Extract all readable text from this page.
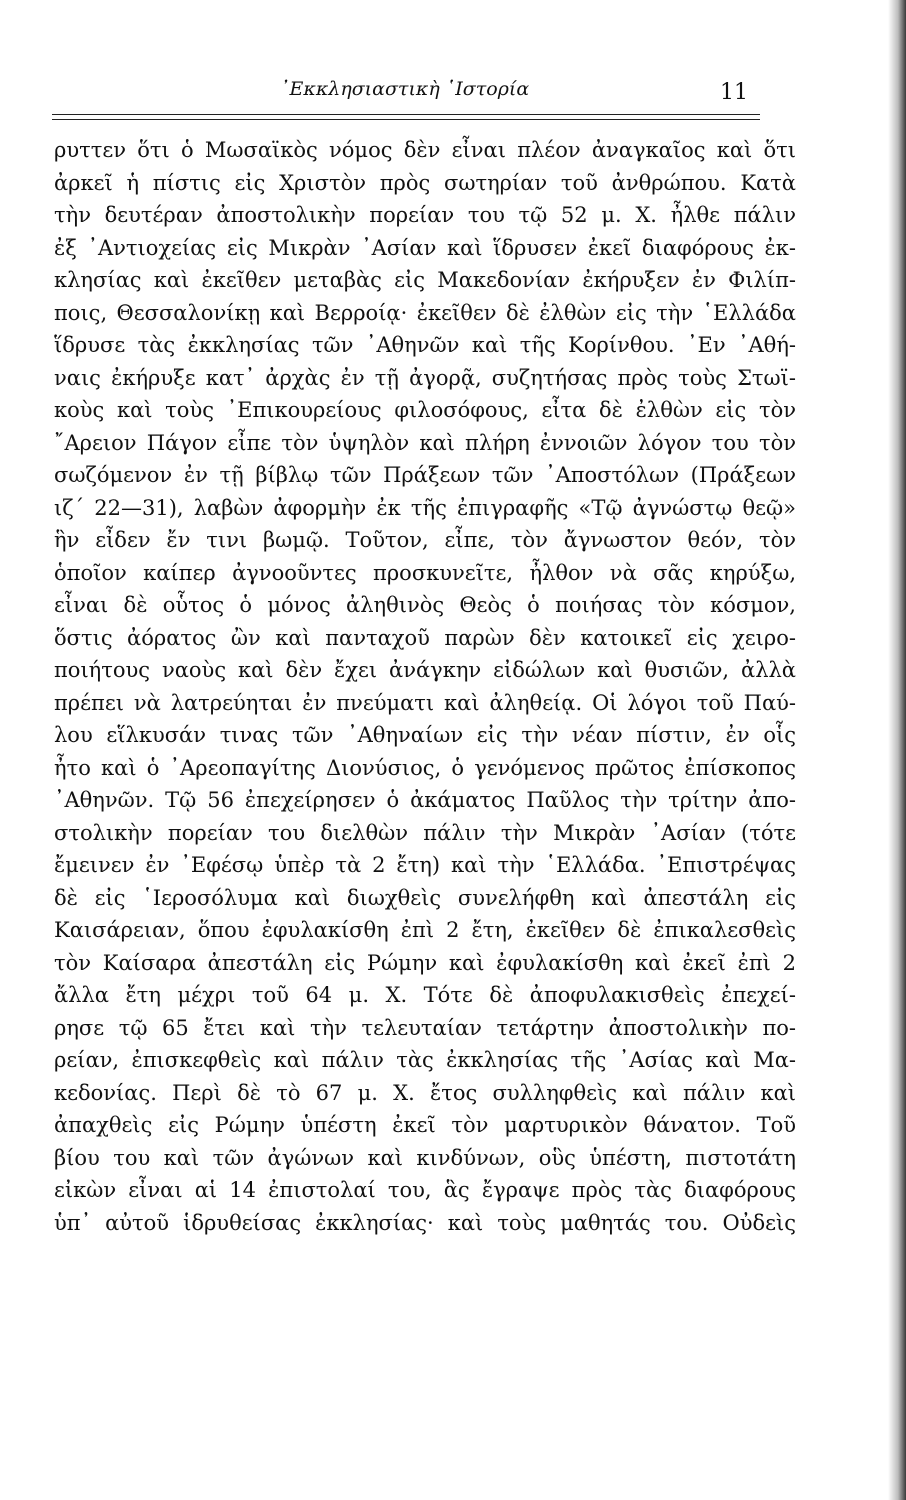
᾿Εκκλησιαστικὴ ῾Ιστορία	11
ρυττεν ὅτι ὁ Μωσαϊκὸς νόμος δὲν εἶναι πλέον ἀναγκαῖος καὶ ὅτι
ἀρκεῖ ἡ πίστις εἰς Χριστὸν πρὸς σωτηρίαν τοῦ ἀνθρώπου. Κατὰ
τὴν δευτέραν ἀποστολικὴν πορείαν του τῷ 52 μ. Χ. ἦλθε πάλιν
ἐξ ᾿Αντιοχείας εἰς Μικρὰν ᾿Ασίαν καὶ ἵδρυσεν ἐκεῖ διαφόρους ἐκ-
κλησίας καὶ ἐκεῖθεν μεταβὰς εἰς Μακεδονίαν ἐκήρυξεν ἐν Φιλίπ-
ποις, Θεσσαλονίκῃ καὶ Βερροίᾳ· ἐκεῖθεν δὲ ἐλθὼν εἰς τὴν ῾Ελλάδα
ἵδρυσε τὰς ἐκκλησίας τῶν ᾿Αθηνῶν καὶ τῆς Κορίνθου. ᾿Εν ᾿Αθή-
ναις ἐκήρυξε κατ᾿ ἀρχὰς ἐν τῇ ἀγορᾷ, συζητήσας πρὸς τοὺς Στωϊ-
κοὺς καὶ τοὺς ᾿Επικουρείους φιλοσόφους, εἶτα δὲ ἐλθὼν εἰς τὸν
῎Αρειον Πάγον εἶπε τὸν ὑψηλὸν καὶ πλήρη ἐννοιῶν λόγον του τὸν
σωζόμενον ἐν τῇ βίβλῳ τῶν Πράξεων τῶν ᾿Αποστόλων (Πράξεων
ιζ´ 22—31), λαβὼν ἀφορμὴν ἐκ τῆς ἐπιγραφῆς «Τῷ ἀγνώστῳ θεῷ»
ἣν εἶδεν ἔν τινι βωμῷ. Τοῦτον, εἶπε, τὸν ἄγνωστον θεόν, τὸν
ὁποῖον καίπερ ἀγνοοῦντες προσκυνεῖτε, ἦλθον νὰ σᾶς κηρύξω,
εἶναι δὲ οὗτος ὁ μόνος ἀληθινὸς Θεὸς ὁ ποιήσας τὸν κόσμον,
ὅστις ἀόρατος ὢν καὶ πανταχοῦ παρὼν δὲν κατοικεῖ εἰς χειρο-
ποιήτους ναοὺς καὶ δὲν ἔχει ἀνάγκην εἰδώλων καὶ θυσιῶν, ἀλλὰ
πρέπει νὰ λατρεύηται ἐν πνεύματι καὶ ἀληθείᾳ. Οἱ λόγοι τοῦ Παύ-
λου εἵλκυσάν τινας τῶν ᾿Αθηναίων εἰς τὴν νέαν πίστιν, ἐν οἷς
ἦτο καὶ ὁ ᾿Αρεοπαγίτης Διονύσιος, ὁ γενόμενος πρῶτος ἐπίσκοπος
᾿Αθηνῶν. Τῷ 56 ἐπεχείρησεν ὁ ἀκάματος Παῦλος τὴν τρίτην ἀπο-
στολικὴν πορείαν του διελθὼν πάλιν τὴν Μικρὰν ᾿Ασίαν (τότε
ἔμεινεν ἐν ᾿Εφέσῳ ὑπὲρ τὰ 2 ἔτη) καὶ τὴν ῾Ελλάδα. ᾿Επιστρέψας
δὲ εἰς ῾Ιεροσόλυμα καὶ διωχθεὶς συνελήφθη καὶ ἀπεστάλη εἰς
Καισάρειαν, ὅπου ἐφυλακίσθη ἐπὶ 2 ἔτη, ἐκεῖθεν δὲ ἐπικαλεσθεὶς
τὸν Καίσαρα ἀπεστάλη εἰς Ρώμην καὶ ἐφυλακίσθη καὶ ἐκεῖ ἐπὶ 2
ἄλλα ἔτη μέχρι τοῦ 64 μ. Χ. Τότε δὲ ἀποφυλακισθεὶς ἐπεχεί-
ρησε τῷ 65 ἔτει καὶ τὴν τελευταίαν τετάρτην ἀποστολικὴν πο-
ρείαν, ἐπισκεφθεὶς καὶ πάλιν τὰς ἐκκλησίας τῆς ᾿Ασίας καὶ Μα-
κεδονίας. Περὶ δὲ τὸ 67 μ. Χ. ἔτος συλληφθεὶς καὶ πάλιν καὶ
ἀπαχθεὶς εἰς Ρώμην ὑπέστη ἐκεῖ τὸν μαρτυρικὸν θάνατον. Τοῦ
βίου του καὶ τῶν ἀγώνων καὶ κινδύνων, οὓς ὑπέστη, πιστοτάτη
εἰκὼν εἶναι αἱ 14 ἐπιστολαί του, ἃς ἔγραψε πρὸς τὰς διαφόρους
ὑπ᾿ αὐτοῦ ἱδρυθείσας ἐκκλησίας· καὶ τοὺς μαθητάς του. Οὐδεὶς
